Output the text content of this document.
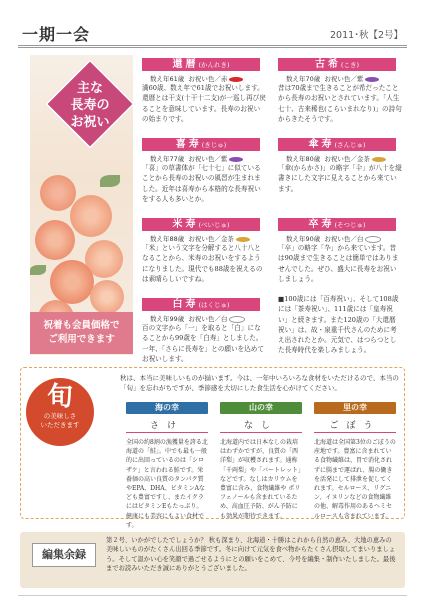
一期一会	2011･秋【2号】
主な
長寿の
お祝い
祝着も会員価格で
ご利用できます
還暦(かんれき)
数え年61歳 お祝い色／赤
満60歳、数え年で61歳でお祝いします。還暦とは干支(十干十二支)が一巡し再び戻ることを意味しています。長寿のお祝いの始まりです。
古希(こき)
数え年70歳 お祝い色／紫
昔は70歳まで生きることが希だったことから長寿のお祝いとされています。「人生七十、古来稀也(こらいまれなり)」の詩句からきたそうです。
喜寿(きじゅ)
数え年77歳 お祝い色／紫
「喜」の草書体が「七十七」に似ていることから長寿のお祝いの風習が生まれました。近年は喜寿から本格的な長寿祝いをする人も多いとか。
傘寿(さんじゅ)
数え年80歳 お祝い色／金茶
「傘(からかさ)」の略字「仐」が八十を縦書きにした文字に見えることから来ています。
米寿(べいじゅ)
数え年88歳 お祝い色／金茶
「米」という文字を分解すると八十八となることから、米寿のお祝いをするようになりました。現代でも88歳を祝えるのは素晴らしいですね。
卒寿(そつじゅ)
数え年90歳 お祝い色／白
「卒」の略字「卆」から来ています。昔は90歳まで生きることは簡単ではありませんでした。ぜひ、盛大に長寿をお祝いしましょう。
白寿(はくじゅ)
数え年99歳 お祝い色／白
百の文字から「一」を取ると「白」になることから99歳を「白寿」としました。一年、「さらに長寿を」との願いを込めてお祝いします。
■100歳には「百寿祝い」、そして108歳には「茶寿祝い」、111歳には「皇寿祝い」と続きます。また120歳の「大還暦祝い」は、故・泉重千代さんのために考え出されたとか。元気で、はつらつとした長寿時代を楽しみましょう。
旬
の美味しさ
いただきます
秋は、本当に美味しいものが揃います。今は、一年中いろいろな食材をいただけるので、本当の「旬」を忘れがちですが、季節感を大切にした食生活を心がけてください。
海の幸
さけ
全国の約8割の漁獲量を誇る北海道の「鮭」。中でも最も一般的に出回っているのは「シロザケ」と言われる鮭です。栄養価の高い良質のタンパク質やEPA、DHA、ビタミンAなども豊富ですし、またイクラにはビタミンEもたっぷり。健康にも美容にもよい食材です。
山の幸
なし
北海道内では日本なしの栽培はわずかですが、良質の「西洋梨」が収穫されます。通称「千両梨」や「バートレット」などです。なしはカリウムを豊富に含み、食物繊維や ポリフェノールも含まれているため、高血圧予防、がん予防にも効果が期待できます。
里の幸
ごぼう
北海道は全国第3位のごぼうの産地です。豊富に含まれている食物繊維は、胃で消化されずに腸まで運ばれ、腸の働きを活発にして排泄を促してくれます。セルロース、リグニン、イヌリンなどの食物繊維の他、解毒作用のあるヘミセルロースも含まれています。
編集余録
第２号、いかがでしたでしょうか？ 秋も深まり、北海道・十勝はこれから自然の恵み、大地の恵みの美味しいものがたくさん出回る季節です。冬に向けて元気を食べ物からたくさん摂取してまいりましょう。そして温かい心を笑顔で過ごせるようにとの願いをこめて、今号を編集・制作いたしました。最後までお読みいただき誠にありがとうございました。
